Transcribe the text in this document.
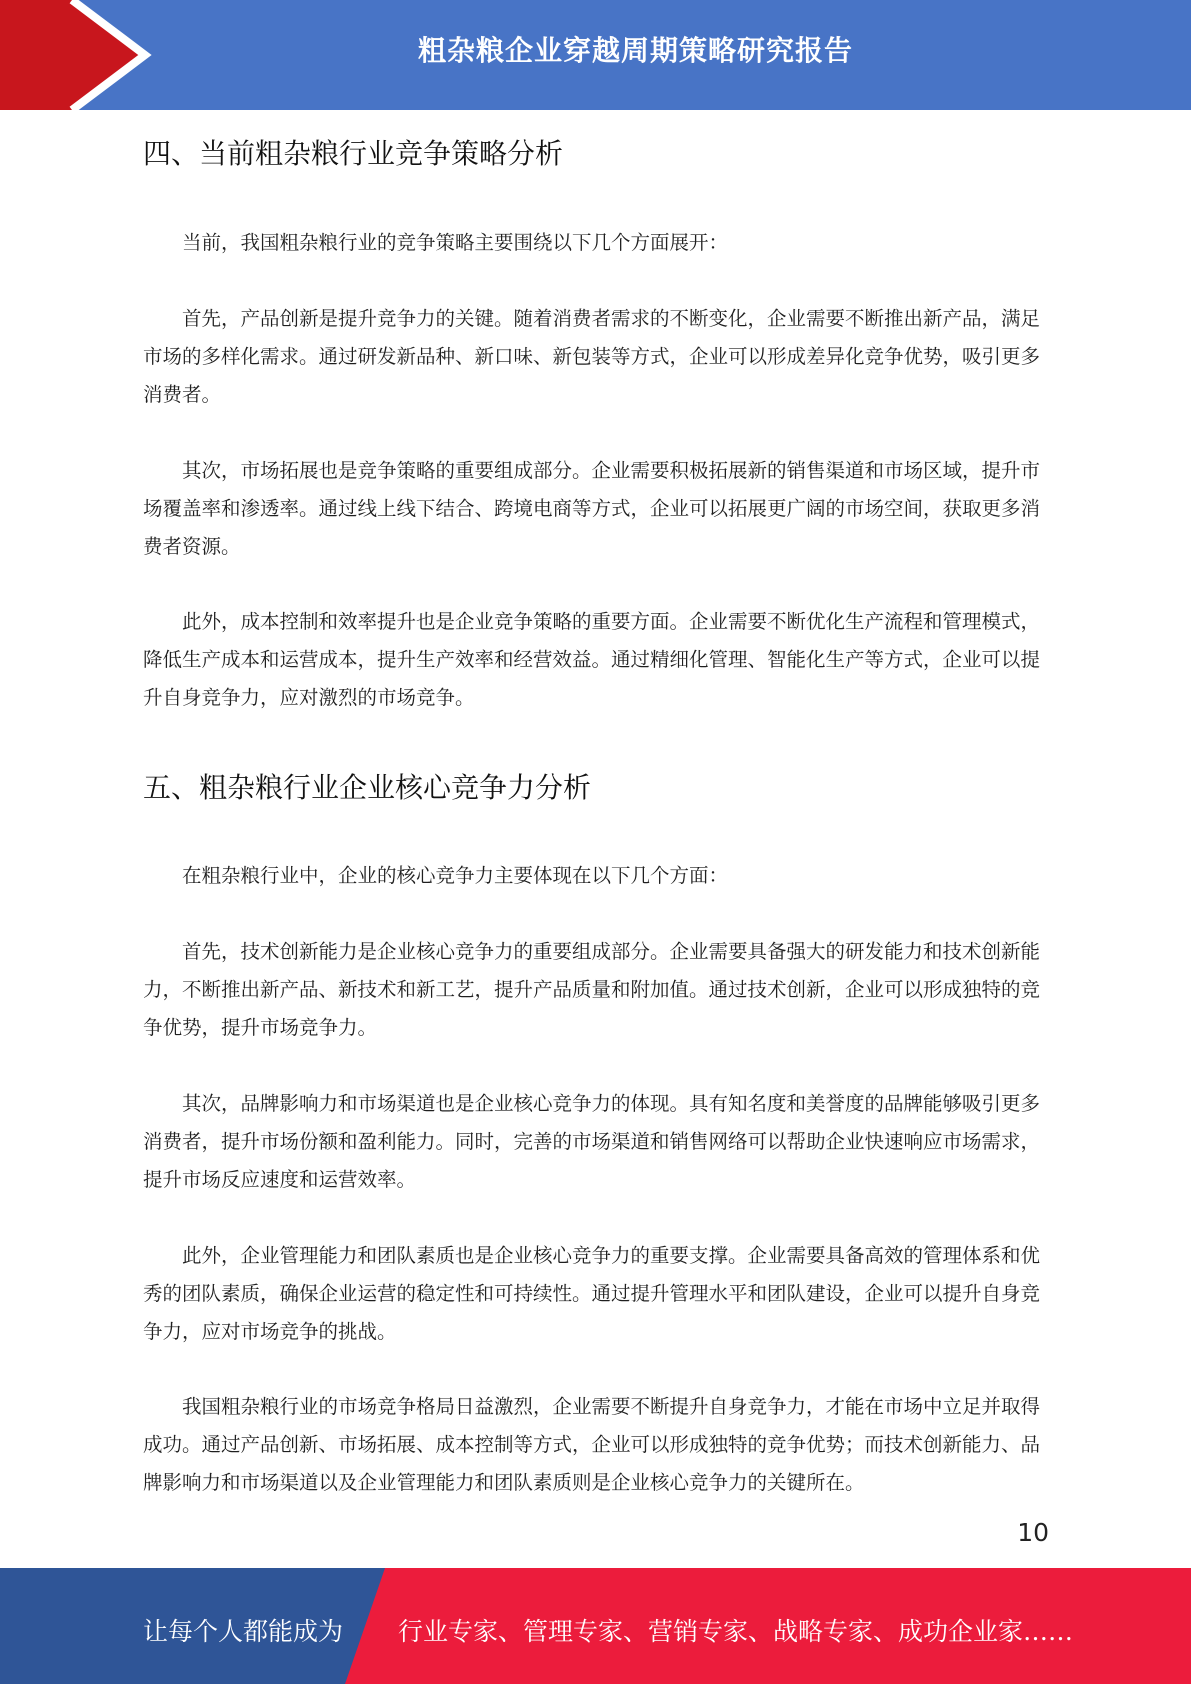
粗杂粮企业穿越周期策略研究报告
四、当前粗杂粮行业竞争策略分析

当前，我国粗杂粮行业的竞争策略主要围绕以下几个方面展开：

首先，产品创新是提升竞争力的关键。随着消费者需求的不断变化，企业需要不断推出新产品，满足市场的多样化需求。通过研发新品种、新口味、新包装等方式，企业可以形成差异化竞争优势，吸引更多消费者。

其次，市场拓展也是竞争策略的重要组成部分。企业需要积极拓展新的销售渠道和市场区域，提升市场覆盖率和渗透率。通过线上线下结合、跨境电商等方式，企业可以拓展更广阔的市场空间，获取更多消费者资源。

此外，成本控制和效率提升也是企业竞争策略的重要方面。企业需要不断优化生产流程和管理模式，降低生产成本和运营成本，提升生产效率和经营效益。通过精细化管理、智能化生产等方式，企业可以提升自身竞争力，应对激烈的市场竞争。

五、粗杂粮行业企业核心竞争力分析

在粗杂粮行业中，企业的核心竞争力主要体现在以下几个方面：

首先，技术创新能力是企业核心竞争力的重要组成部分。企业需要具备强大的研发能力和技术创新能力，不断推出新产品、新技术和新工艺，提升产品质量和附加值。通过技术创新，企业可以形成独特的竞争优势，提升市场竞争力。

其次，品牌影响力和市场渠道也是企业核心竞争力的体现。具有知名度和美誉度的品牌能够吸引更多消费者，提升市场份额和盈利能力。同时，完善的市场渠道和销售网络可以帮助企业快速响应市场需求，提升市场反应速度和运营效率。

此外，企业管理能力和团队素质也是企业核心竞争力的重要支撑。企业需要具备高效的管理体系和优秀的团队素质，确保企业运营的稳定性和可持续性。通过提升管理水平和团队建设，企业可以提升自身竞争力，应对市场竞争的挑战。

我国粗杂粮行业的市场竞争格局日益激烈，企业需要不断提升自身竞争力，才能在市场中立足并取得成功。通过产品创新、市场拓展、成本控制等方式，企业可以形成独特的竞争优势；而技术创新能力、品牌影响力和市场渠道以及企业管理能力和团队素质则是企业核心竞争力的关键所在。

10
让每个人都能成为 行业专家、管理专家、营销专家、战略专家、成功企业家……
